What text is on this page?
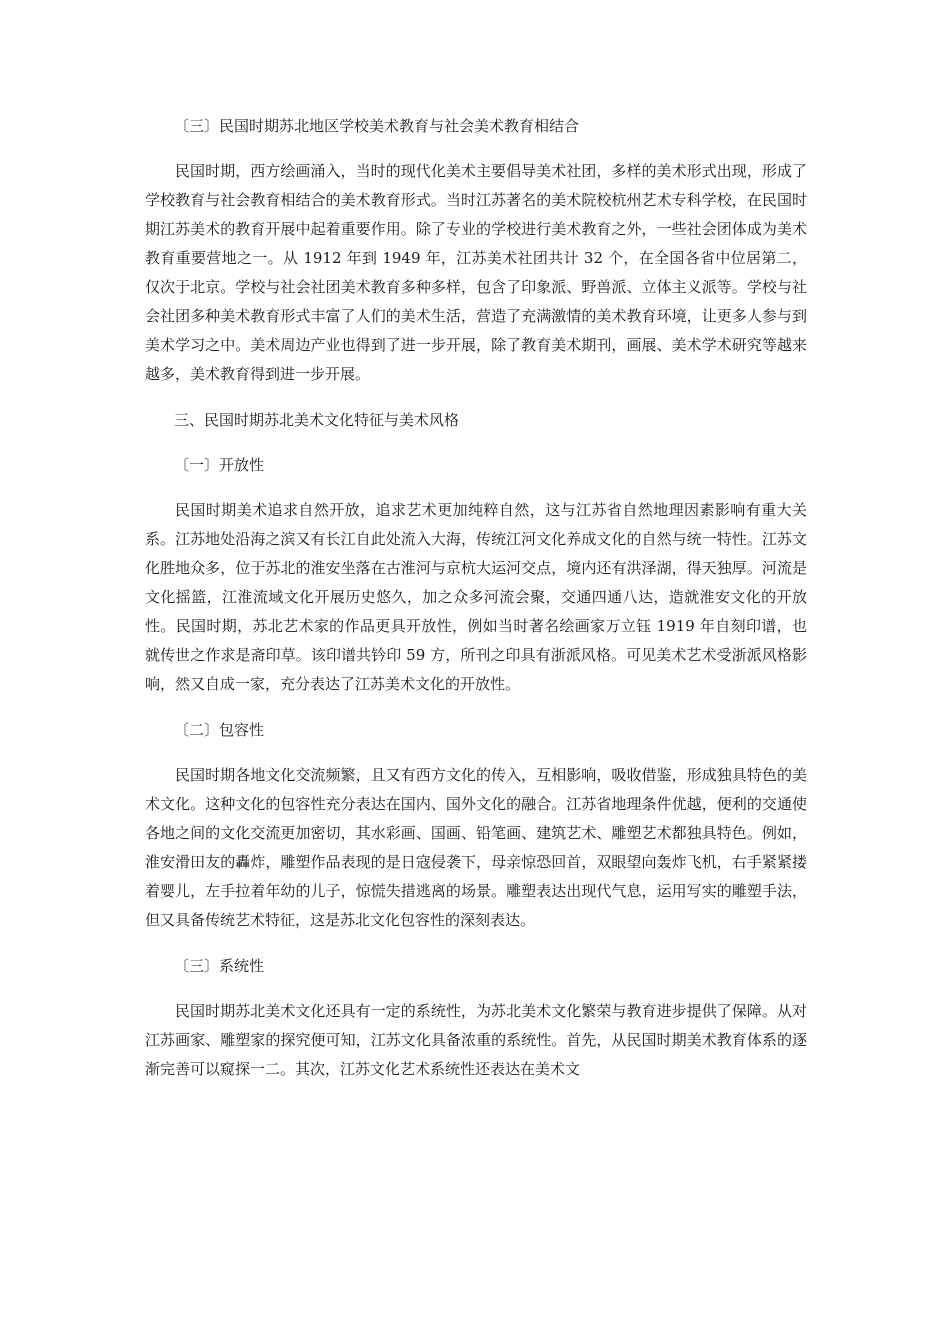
〔三〕民国时期苏北地区学校美术教育与社会美术教育相结合

民国时期，西方绘画涌入，当时的现代化美术主要倡导美术社团，多样的美术形式出现，形成了学校教育与社会教育相结合的美术教育形式。当时江苏著名的美术院校杭州艺术专科学校，在民国时期江苏美术的教育开展中起着重要作用。除了专业的学校进行美术教育之外，一些社会团体成为美术教育重要营地之一。从 1912 年到 1949 年，江苏美术社团共计 32 个，在全国各省中位居第二，仅次于北京。学校与社会社团美术教育多种多样，包含了印象派、野兽派、立体主义派等。学校与社会社团多种美术教育形式丰富了人们的美术生活，营造了充满激情的美术教育环境，让更多人参与到美术学习之中。美术周边产业也得到了进一步开展，除了教育美术期刊，画展、美术学术研究等越来越多，美术教育得到进一步开展。

三、民国时期苏北美术文化特征与美术风格
〔一〕开放性

民国时期美术追求自然开放，追求艺术更加纯粹自然，这与江苏省自然地理因素影响有重大关系。江苏地处沿海之滨又有长江自此处流入大海，传统江河文化养成文化的自然与统一特性。江苏文化胜地众多，位于苏北的淮安坐落在古淮河与京杭大运河交点，境内还有洪泽湖，得天独厚。河流是文化摇篮，江淮流域文化开展历史悠久，加之众多河流会聚，交通四通八达，造就淮安文化的开放性。民国时期，苏北艺术家的作品更具开放性，例如当时著名绘画家万立钰 1919 年自刻印谱，也就传世之作求是斋印草。该印谱共钤印 59 方，所刊之印具有浙派风格。可见美术艺术受浙派风格影响，然又自成一家，充分表达了江苏美术文化的开放性。

〔二〕包容性

民国时期各地文化交流频繁，且又有西方文化的传入，互相影响，吸收借鉴，形成独具特色的美术文化。这种文化的包容性充分表达在国内、国外文化的融合。江苏省地理条件优越，便利的交通使各地之间的文化交流更加密切，其水彩画、国画、铅笔画、建筑艺术、雕塑艺术都独具特色。例如，淮安滑田友的轟炸，雕塑作品表现的是日寇侵袭下，母亲惊恐回首，双眼望向轰炸飞机，右手紧紧搂着婴儿，左手拉着年幼的儿子，惊慌失措逃离的场景。雕塑表达出现代气息，运用写实的雕塑手法，但又具备传统艺术特征，这是苏北文化包容性的深刻表达。

〔三〕系统性

民国时期苏北美术文化还具有一定的系统性，为苏北美术文化繁荣与教育进步提供了保障。从对江苏画家、雕塑家的探究便可知，江苏文化具备浓重的系统性。首先，从民国时期美术教育体系的逐渐完善可以窥探一二。其次，江苏文化艺术系统性还表达在美术文
